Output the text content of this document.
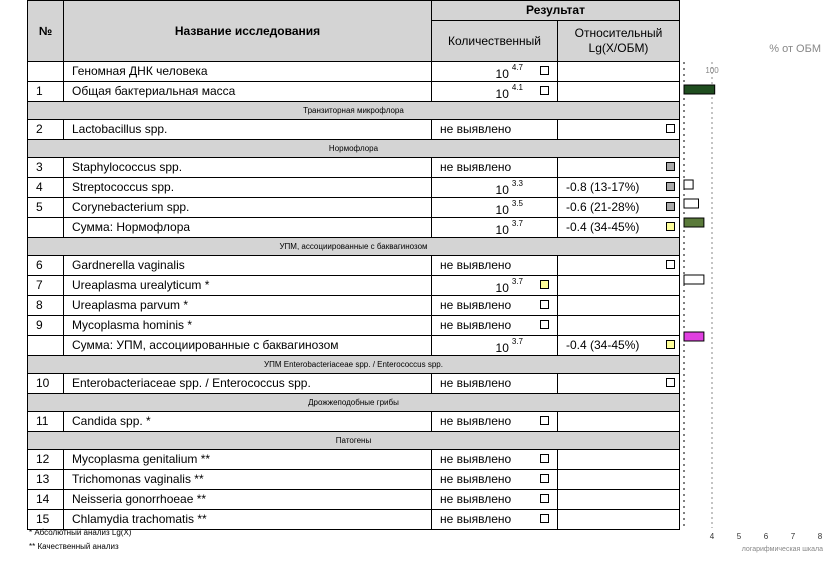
№	Название исследования	Результат	
		Количественный	Относительный
Lg(X/ОБМ)
	Геномная ДНК человека	10 $^{4.7}$

1	Общая бактериальная масса	10 $^{4.1}$

Транзиторная микрофлора			
2	Lactobacillus spp.	не выявлено	

Нормофлора			
3	Staphylococcus spp.	не выявлено	

4	Streptococcus spp.	10 $^{3.3}$	-0.8 (13-17%)

5	Corynebacterium spp.	10 $^{3.5}$	-0.6 (21-28%)

	Сумма: Нормофлора	10 $^{3.7}$	-0.4 (34-45%)

УПМ, ассоциированные с баквагинозом			
6	Gardnerella vaginalis	не выявлено	

7	Ureaplasma urealyticum *	10 $^{3.7}$

8	Ureaplasma parvum *	не выявлено

9	Mycoplasma hominis *	не выявлено

	Сумма: УПМ, ассоциированные с баквагинозом	10 $^{3.7}$	-0.4 (34-45%)

УПМ Enterobacteriaceae spp. / Enterococcus spp.			
10	Enterobacteriaceae spp. / Enterococcus spp.	не выявлено	

Дрожжеподобные грибы			
11	Candida spp. *	не выявлено

Патогены			
12	Mycoplasma genitalium **	не выявлено

13	Trichomonas vaginalis **	не выявлено

14	Neisseria gonorrhoeae **	не выявлено

15	Chlamydia trachomatis **	не выявлено

% от ОБМ
100
4	5	6	7	8
логарифмическая шкала
* Абсолютный анализ Lg(X)
** Качественный анализ
